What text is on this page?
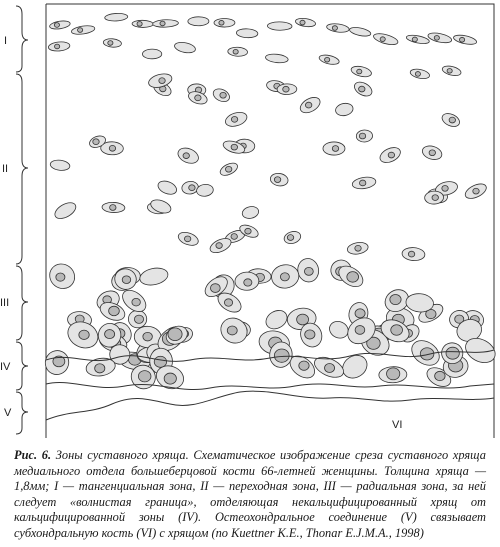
I
II
III
IV
V
VI
Рис. 6. Зоны суставного хряща. Схематическое изображение среза суставного хряща медиального отдела большеберцовой кости 66-летней женщины. Толщина хряща — 1,8мм; I — тангенциальная зона, II — переходная зона, III — радиальная зона, за ней следует «волнистая граница», отделяющая некальцифицированный хрящ от кальцифицированной зоны (IV). Остеохондральное соединение (V) связывает субхондральную кость (VI) с хрящом (по Kuettner K.E., Thonar E.J.M.A., 1998)
